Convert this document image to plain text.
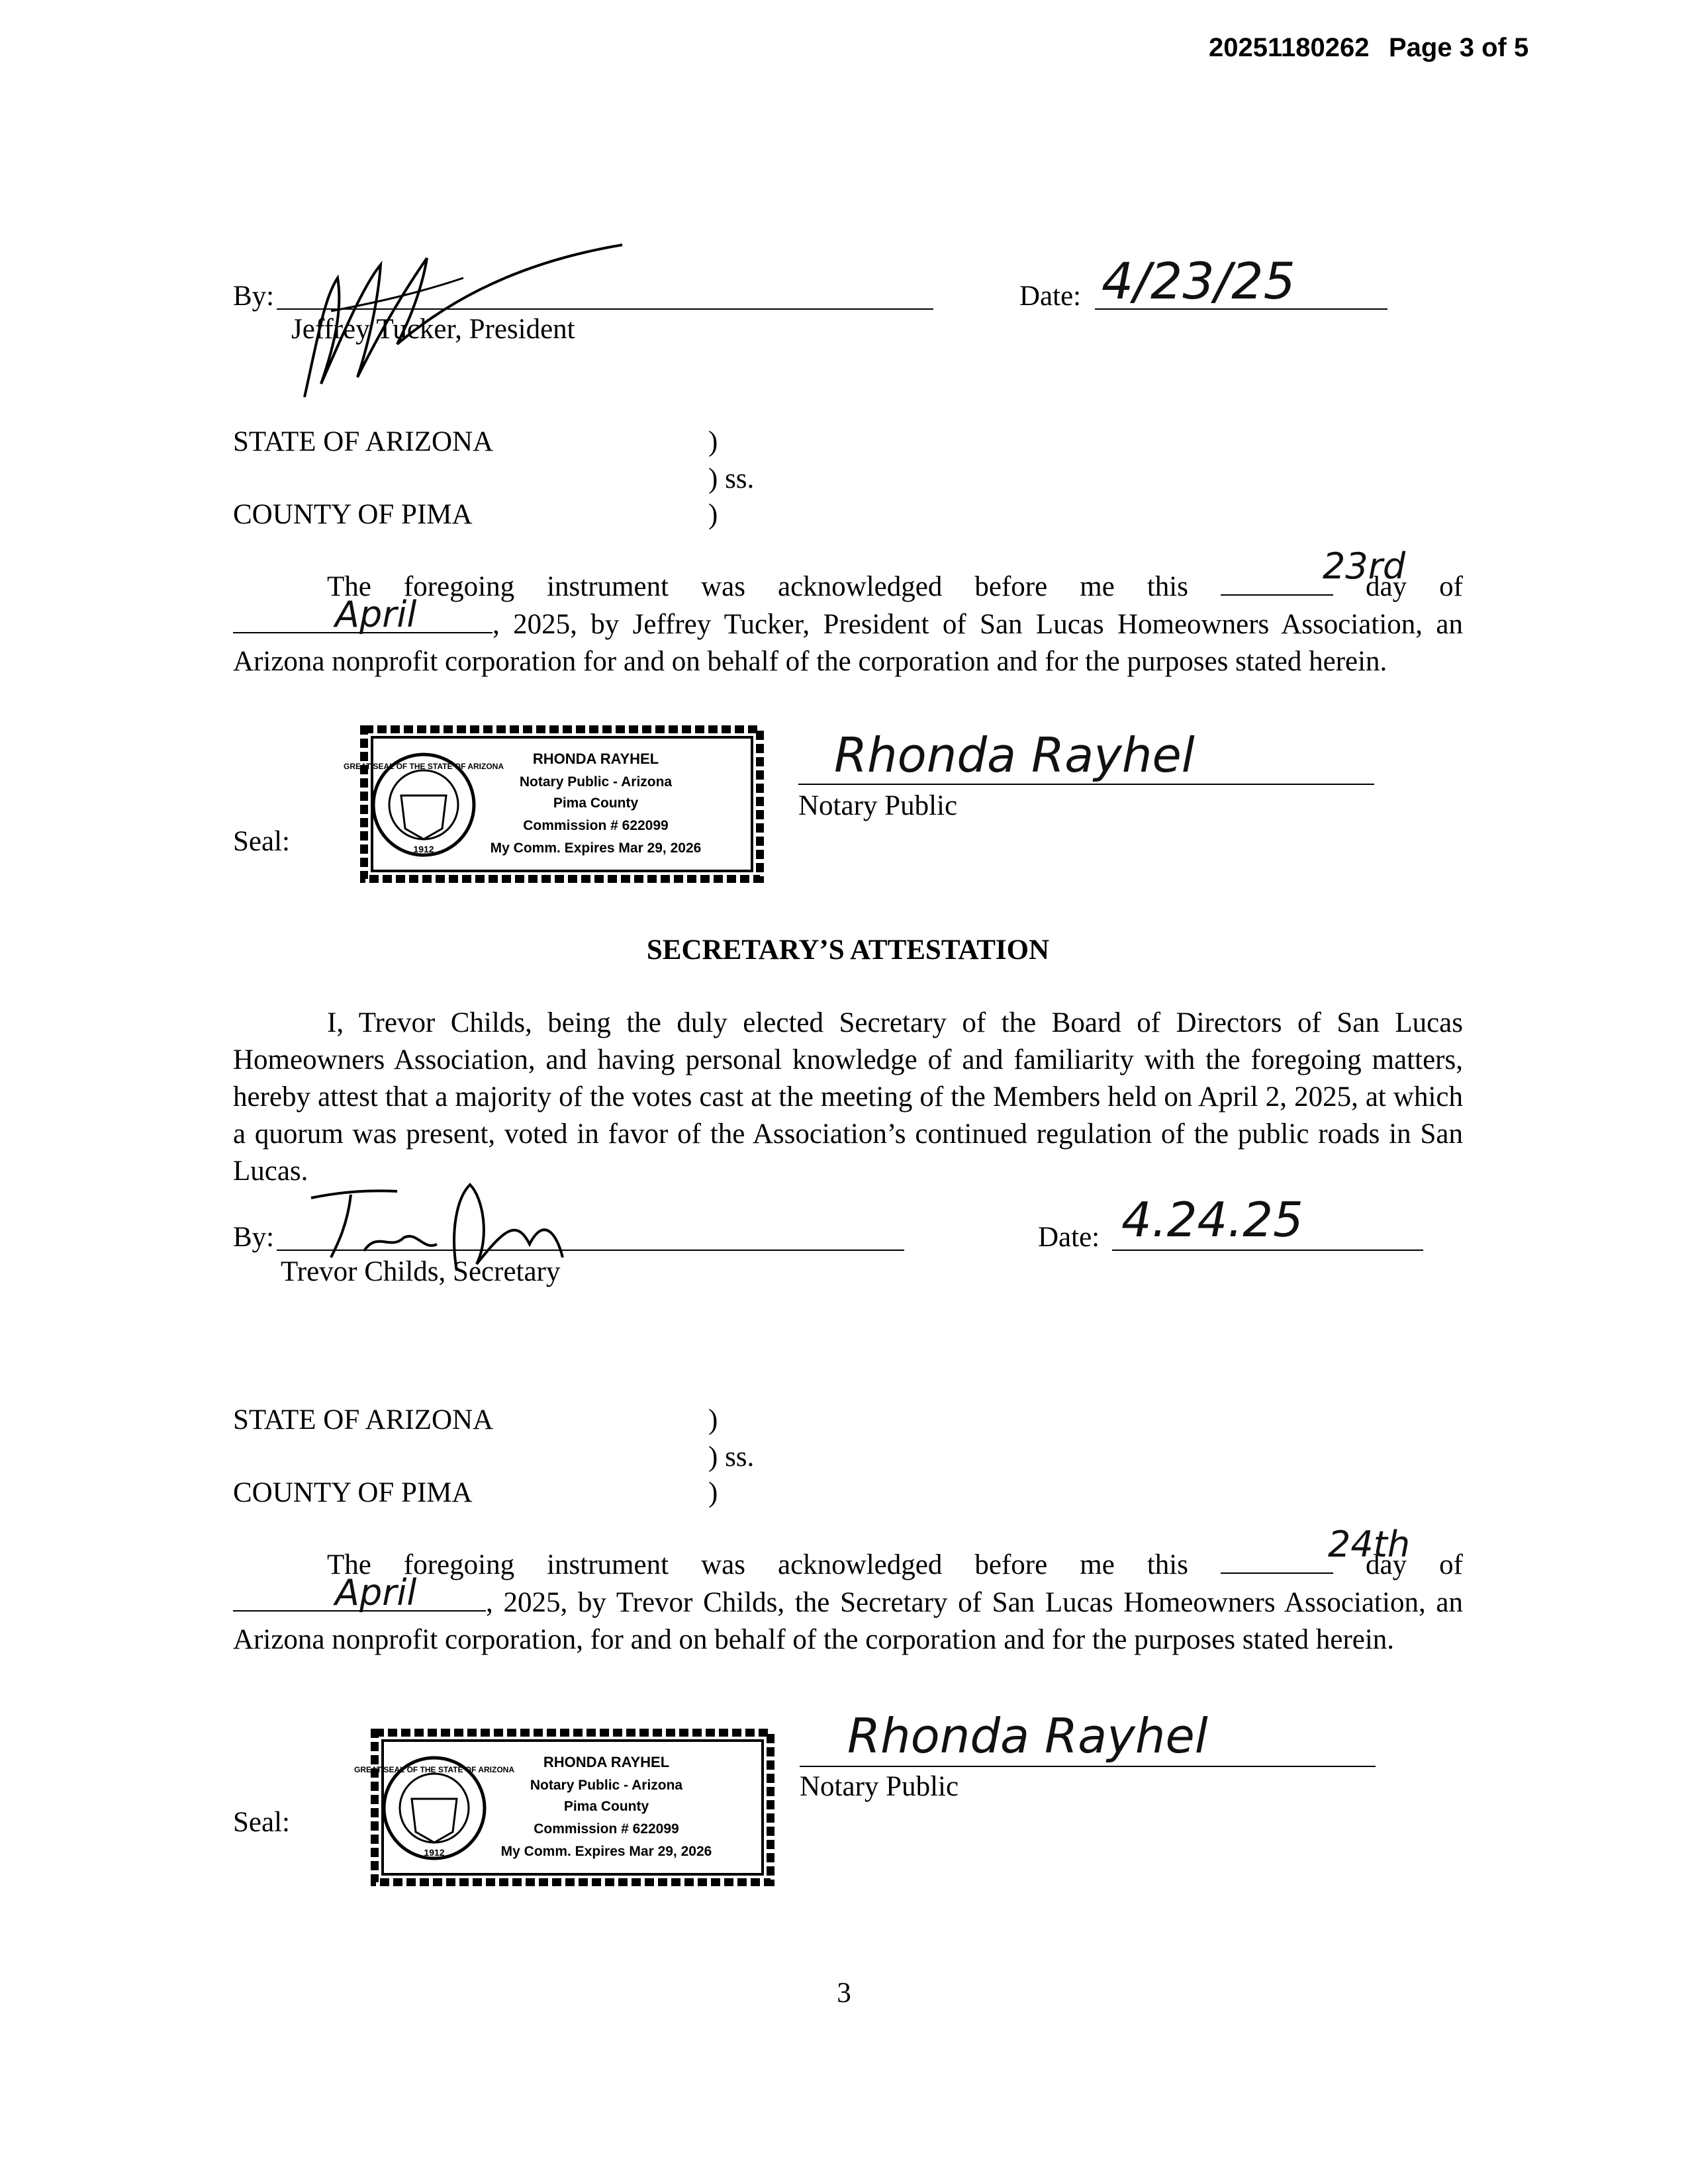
20251180262 Page 3 of 5
By:
Jeffrey Tucker, President
Date: 4/23/25
STATE OF ARIZONA	)
) ss.
COUNTY OF PIMA	)
The foregoing instrument was acknowledged before me this	23rd
day of
April	, 2025, by Jeffrey Tucker, President of San Lucas Homeowners Association, an Arizona nonprofit corporation for and on behalf of the corporation and for the purposes stated herein.
Seal:
GREAT SEAL OF THE STATE OF ARIZONA
1912
RHONDA RAYHEL
Notary Public - Arizona
Pima County
Commission # 622099
My Comm. Expires Mar 29, 2026
Rhonda Rayhel
Notary Public
SECRETARY’S ATTESTATION
I, Trevor Childs, being the duly elected Secretary of the Board of Directors of San Lucas Homeowners Association, and having personal knowledge of and familiarity with the foregoing matters, hereby attest that a majority of the votes cast at the meeting of the Members held on April 2, 2025, at which a quorum was present, voted in favor of the Association’s continued regulation of the public roads in San Lucas.
By:
Trevor Childs, Secretary
Date: 4.24.25
STATE OF ARIZONA	)
) ss.
COUNTY OF PIMA	)
The foregoing instrument was acknowledged before me this	24th
day of
April , 2025, by Trevor Childs, the Secretary of San Lucas Homeowners Association, an Arizona nonprofit corporation, for and on behalf of the corporation and for the purposes stated herein.
Seal:
GREAT SEAL OF THE STATE OF ARIZONA
1912
RHONDA RAYHEL
Notary Public - Arizona
Pima County
Commission # 622099
My Comm. Expires Mar 29, 2026
Rhonda Rayhel
Notary Public
3
